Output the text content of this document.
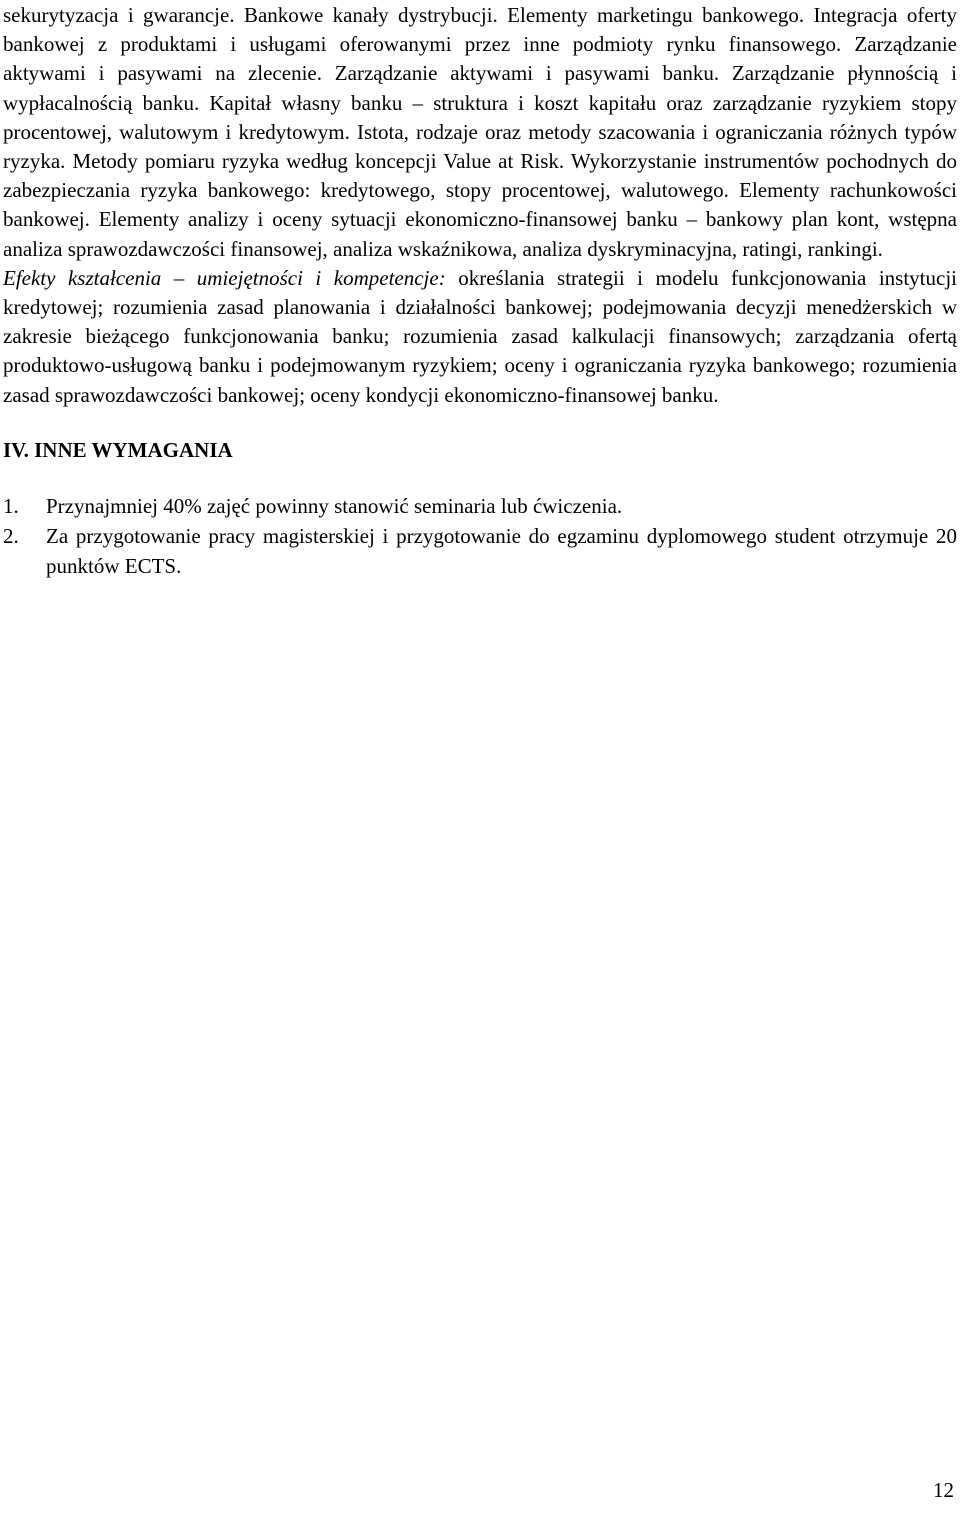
sekurytyzacja i gwarancje. Bankowe kanały dystrybucji. Elementy marketingu bankowego. Integracja oferty bankowej z produktami i usługami oferowanymi przez inne podmioty rynku finansowego. Zarządzanie aktywami i pasywami na zlecenie. Zarządzanie aktywami i pasywami banku. Zarządzanie płynnością i wypłacalnością banku. Kapitał własny banku – struktura i koszt kapitału oraz zarządzanie ryzykiem stopy procentowej, walutowym i kredytowym. Istota, rodzaje oraz metody szacowania i ograniczania różnych typów ryzyka. Metody pomiaru ryzyka według koncepcji Value at Risk. Wykorzystanie instrumentów pochodnych do zabezpieczania ryzyka bankowego: kredytowego, stopy procentowej, walutowego. Elementy rachunkowości bankowej. Elementy analizy i oceny sytuacji ekonomiczno-finansowej banku – bankowy plan kont, wstępna analiza sprawozdawczości finansowej, analiza wskaźnikowa, analiza dyskryminacyjna, ratingi, rankingi.

Efekty kształcenia – umiejętności i kompetencje: określania strategii i modelu funkcjonowania instytucji kredytowej; rozumienia zasad planowania i działalności bankowej; podejmowania decyzji menedżerskich w zakresie bieżącego funkcjonowania banku; rozumienia zasad kalkulacji finansowych; zarządzania ofertą produktowo-usługową banku i podejmowanym ryzykiem; oceny i ograniczania ryzyka bankowego; rozumienia zasad sprawozdawczości bankowej; oceny kondycji ekonomiczno-finansowej banku.

IV. INNE WYMAGANIA
1. Przynajmniej 40% zajęć powinny stanowić seminaria lub ćwiczenia.
2. Za przygotowanie pracy magisterskiej i przygotowanie do egzaminu dyplomowego student otrzymuje 20 punktów ECTS.
12
